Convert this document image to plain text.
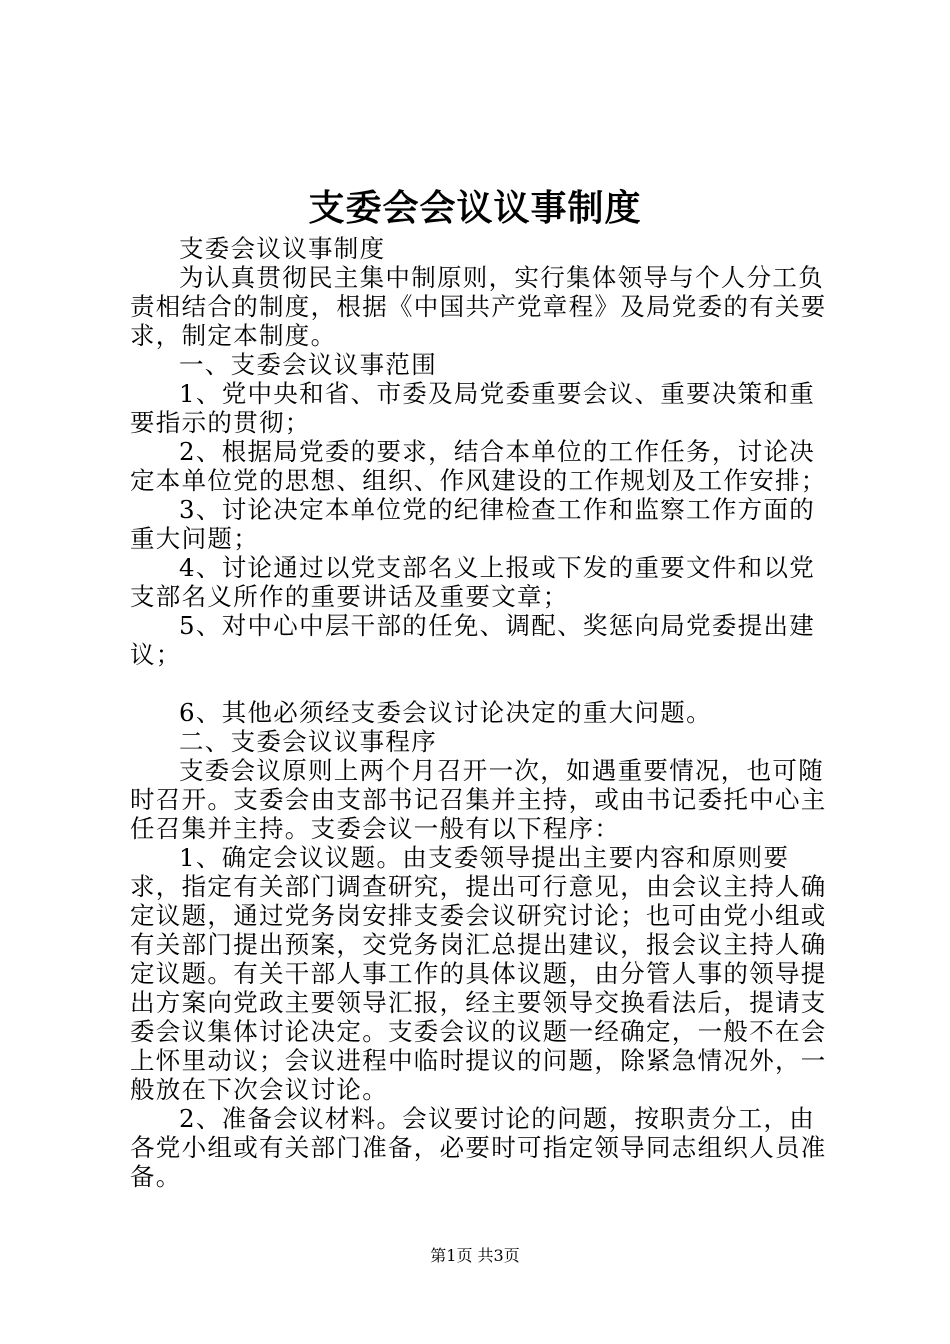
支委会会议议事制度

支委会议议事制度

为认真贯彻民主集中制原则，实行集体领导与个人分工负责相结合的制度，根据《中国共产党章程》及局党委的有关要求，制定本制度。

一、支委会议议事范围

1、党中央和省、市委及局党委重要会议、重要决策和重要指示的贯彻；

2、根据局党委的要求，结合本单位的工作任务，讨论决定本单位党的思想、组织、作风建设的工作规划及工作安排；

3、讨论决定本单位党的纪律检查工作和监察工作方面的重大问题；

4、讨论通过以党支部名义上报或下发的重要文件和以党支部名义所作的重要讲话及重要文章；

5、对中心中层干部的任免、调配、奖惩向局党委提出建议；

6、其他必须经支委会议讨论决定的重大问题。

二、支委会议议事程序

支委会议原则上两个月召开一次，如遇重要情况，也可随时召开。支委会由支部书记召集并主持，或由书记委托中心主任召集并主持。支委会议一般有以下程序：

1、确定会议议题。由支委领导提出主要内容和原则要求，指定有关部门调查研究，提出可行意见，由会议主持人确定议题，通过党务岗安排支委会议研究讨论；也可由党小组或有关部门提出预案，交党务岗汇总提出建议，报会议主持人确定议题。有关干部人事工作的具体议题，由分管人事的领导提出方案向党政主要领导汇报，经主要领导交换看法后，提请支委会议集体讨论决定。支委会议的议题一经确定，一般不在会上怀里动议；会议进程中临时提议的问题，除紧急情况外，一般放在下次会议讨论。

2、准备会议材料。会议要讨论的问题，按职责分工，由各党小组或有关部门准备，必要时可指定领导同志组织人员准备。

第1页 共3页
